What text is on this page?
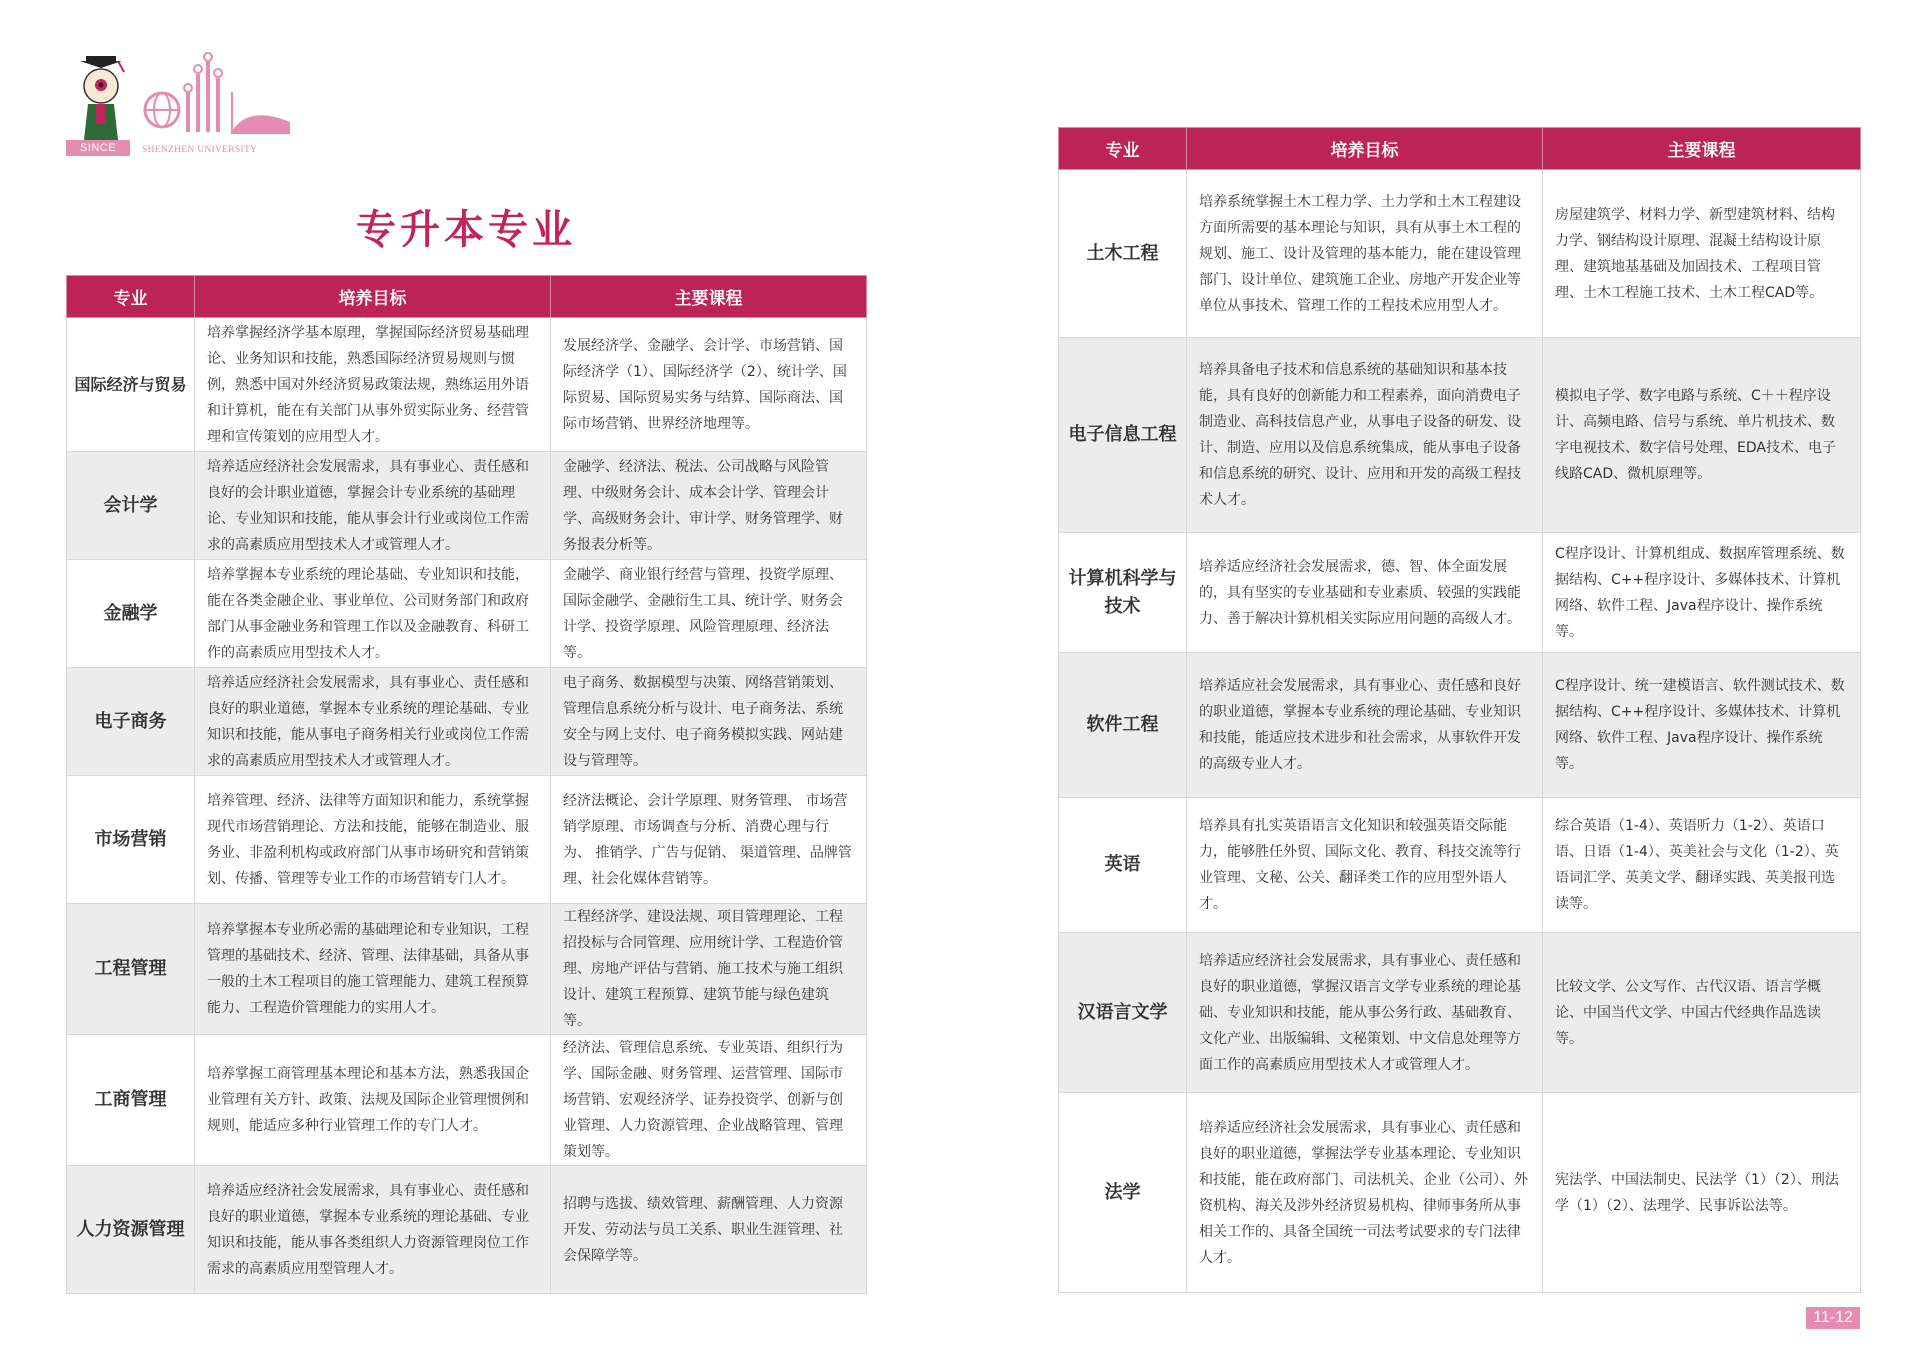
SINCE 1983
SHENZHEN UNIVERSITY
专升本专业
专业	培养目标	主要课程
国际经济与贸易	培养掌握经济学基本原理，掌握国际经济贸易基础理论、业务知识和技能，熟悉国际经济贸易规则与惯例，熟悉中国对外经济贸易政策法规，熟练运用外语和计算机，能在有关部门从事外贸实际业务、经营管理和宣传策划的应用型人才。	发展经济学、金融学、会计学、市场营销、国际经济学（1）、国际经济学（2）、统计学、国际贸易、国际贸易实务与结算、国际商法、国际市场营销、世界经济地理等。
会计学	培养适应经济社会发展需求，具有事业心、责任感和良好的会计职业道德，掌握会计专业系统的基础理论、专业知识和技能，能从事会计行业或岗位工作需求的高素质应用型技术人才或管理人才。	金融学、经济法、税法、公司战略与风险管理、中级财务会计、成本会计学、管理会计学、高级财务会计、审计学、财务管理学、财务报表分析等。
金融学	培养掌握本专业系统的理论基础、专业知识和技能，能在各类金融企业、事业单位、公司财务部门和政府部门从事金融业务和管理工作以及金融教育、科研工作的高素质应用型技术人才。	金融学、商业银行经营与管理、投资学原理、国际金融学、金融衍生工具、统计学、财务会计学、投资学原理、风险管理原理、经济法等。
电子商务	培养适应经济社会发展需求，具有事业心、责任感和良好的职业道德，掌握本专业系统的理论基础、专业知识和技能，能从事电子商务相关行业或岗位工作需求的高素质应用型技术人才或管理人才。	电子商务、数据模型与决策、网络营销策划、管理信息系统分析与设计、电子商务法、系统安全与网上支付、电子商务模拟实践、网站建设与管理等。
市场营销	培养管理、经济、法律等方面知识和能力，系统掌握现代市场营销理论、方法和技能，能够在制造业、服务业、非盈利机构或政府部门从事市场研究和营销策划、传播、管理等专业工作的市场营销专门人才。	经济法概论、会计学原理、财务管理、 市场营销学原理、市场调查与分析、消费心理与行为、 推销学、广告与促销、 渠道管理、品牌管理、社会化媒体营销等。
工程管理	培养掌握本专业所必需的基础理论和专业知识，工程管理的基础技术、经济、管理、法律基础，具备从事一般的土木工程项目的施工管理能力、建筑工程预算能力、工程造价管理能力的实用人才。	工程经济学、建设法规、项目管理理论、工程招投标与合同管理、应用统计学、工程造价管理、房地产评估与营销、施工技术与施工组织设计、建筑工程预算、建筑节能与绿色建筑等。
工商管理	培养掌握工商管理基本理论和基本方法，熟悉我国企业管理有关方针、政策、法规及国际企业管理惯例和规则，能适应多种行业管理工作的专门人才。	经济法、管理信息系统、专业英语、组织行为学、国际金融、财务管理、运营管理、国际市场营销、宏观经济学、证券投资学、创新与创业管理、人力资源管理、企业战略管理、管理策划等。
人力资源管理	培养适应经济社会发展需求，具有事业心、责任感和良好的职业道德，掌握本专业系统的理论基础、专业知识和技能，能从事各类组织人力资源管理岗位工作需求的高素质应用型管理人才。	招聘与选拔、绩效管理、薪酬管理、人力资源开发、劳动法与员工关系、职业生涯管理、社会保障学等。
专业	培养目标	主要课程
土木工程	培养系统掌握土木工程力学、土力学和土木工程建设方面所需要的基本理论与知识，具有从事土木工程的规划、施工、设计及管理的基本能力，能在建设管理部门、设计单位、建筑施工企业、房地产开发企业等单位从事技术、管理工作的工程技术应用型人才。	房屋建筑学、材料力学、新型建筑材料、结构力学、钢结构设计原理、混凝土结构设计原理、建筑地基基础及加固技术、工程项目管理、土木工程施工技术、土木工程CAD等。
电子信息工程	培养具备电子技术和信息系统的基础知识和基本技能，具有良好的创新能力和工程素养，面向消费电子制造业、高科技信息产业，从事电子设备的研发、设计、制造、应用以及信息系统集成，能从事电子设备和信息系统的研究、设计、应用和开发的高级工程技术人才。	模拟电子学、数字电路与系统、C＋＋程序设计、高频电路、信号与系统、单片机技术、数字电视技术、数字信号处理、EDA技术、电子线路CAD、微机原理等。
计算机科学与技术	培养适应经济社会发展需求，德、智、体全面发展的，具有坚实的专业基础和专业素质、较强的实践能力、善于解决计算机相关实际应用问题的高级人才。	C程序设计、计算机组成、数据库管理系统、数据结构、C++程序设计、多媒体技术、计算机网络、软件工程、Java程序设计、操作系统等。
软件工程	培养适应社会发展需求，具有事业心、责任感和良好的职业道德，掌握本专业系统的理论基础、专业知识和技能，能适应技术进步和社会需求，从事软件开发的高级专业人才。	C程序设计、统一建模语言、软件测试技术、数据结构、C++程序设计、多媒体技术、计算机网络、软件工程、Java程序设计、操作系统等。
英语	培养具有扎实英语语言文化知识和较强英语交际能力，能够胜任外贸、国际文化、教育、科技交流等行业管理、文秘、公关、翻译类工作的应用型外语人才。	综合英语（1-4）、英语听力（1-2）、英语口语、日语（1-4）、英美社会与文化（1-2）、英语词汇学、英美文学、翻译实践、英美报刊选读等。
汉语言文学	培养适应经济社会发展需求，具有事业心、责任感和良好的职业道德，掌握汉语言文学专业系统的理论基础、专业知识和技能，能从事公务行政、基础教育、文化产业、出版编辑、文秘策划、中文信息处理等方面工作的高素质应用型技术人才或管理人才。	比较文学、公文写作、古代汉语、语言学概论、中国当代文学、中国古代经典作品选读等。
法学	培养适应经济社会发展需求，具有事业心、责任感和良好的职业道德，掌握法学专业基本理论、专业知识和技能，能在政府部门、司法机关、企业（公司）、外资机构、海关及涉外经济贸易机构、律师事务所从事相关工作的、具备全国统一司法考试要求的专门法律人才。	宪法学、中国法制史、民法学（1）（2）、刑法学（1）（2）、法理学、民事诉讼法等。
11-12
